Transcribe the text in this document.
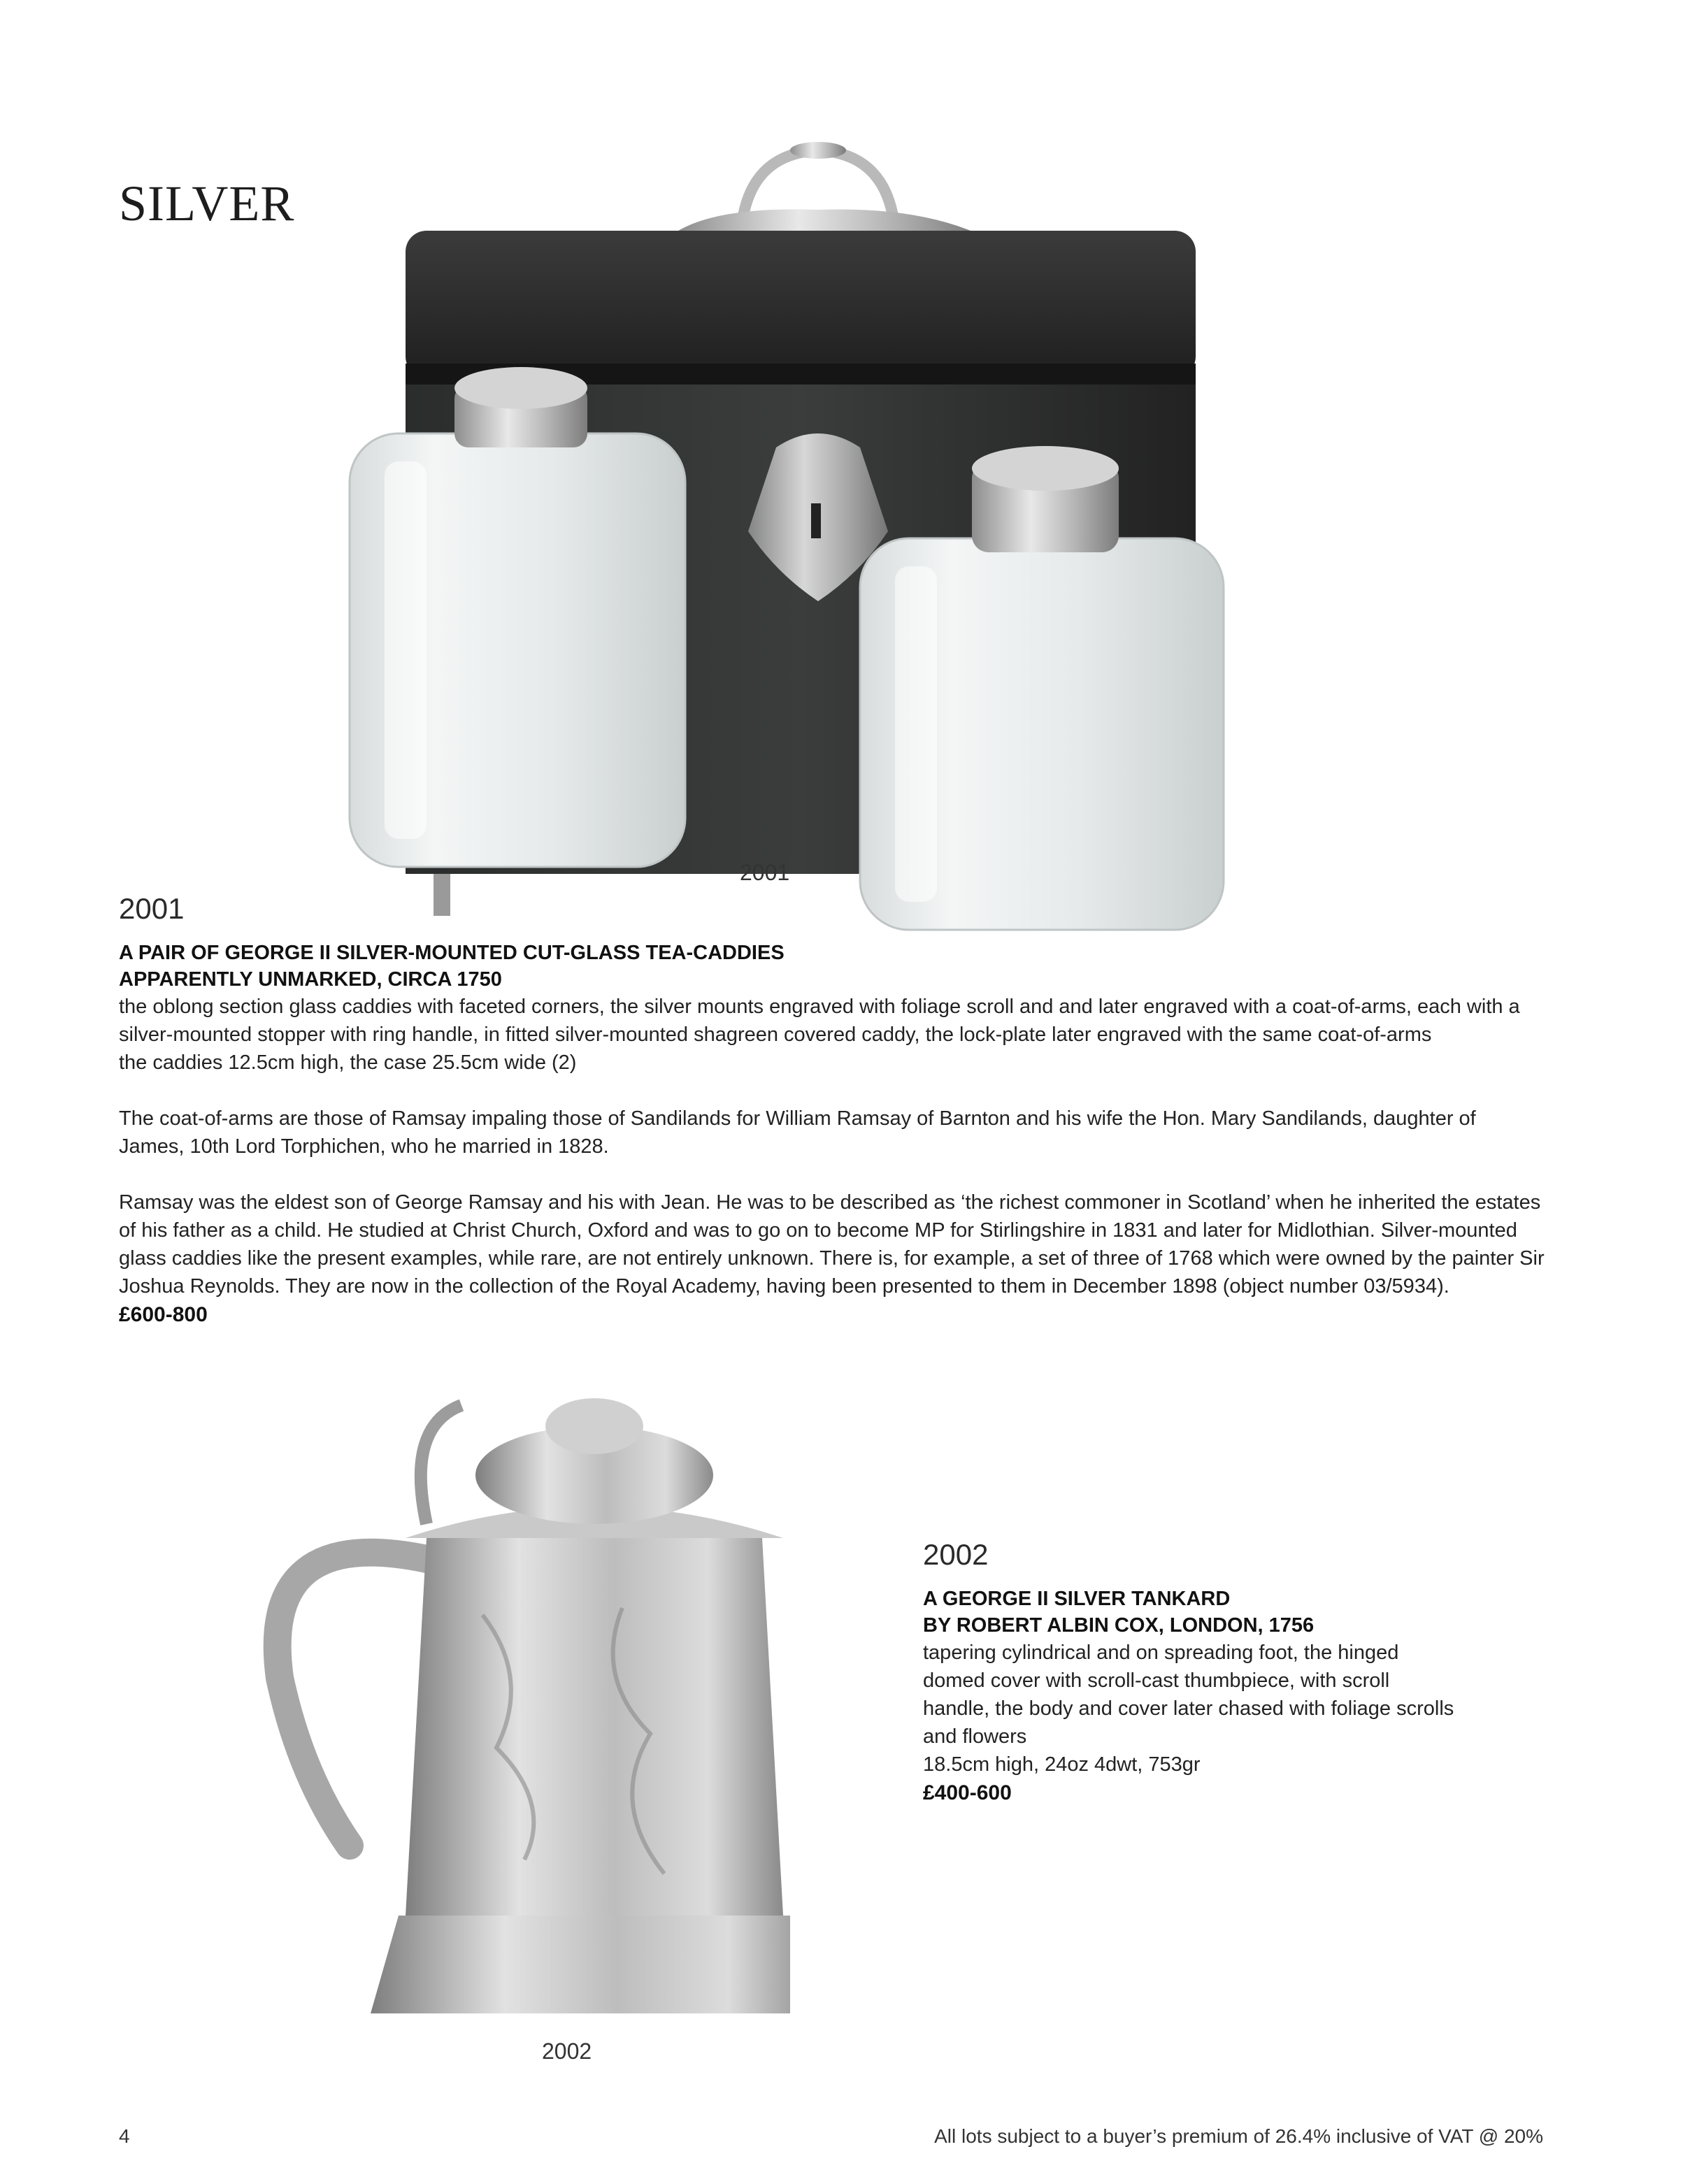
SILVER
2001

2001

A PAIR OF GEORGE II SILVER-MOUNTED CUT-GLASS TEA-CADDIES

APPARENTLY UNMARKED, CIRCA 1750

the oblong section glass caddies with faceted corners, the silver mounts engraved with foliage scroll and and later engraved with a coat-of-arms, each with a silver-mounted stopper with ring handle, in fitted silver-mounted shagreen covered caddy, the lock-plate later engraved with the same coat-of-arms

the caddies 12.5cm high, the case 25.5cm wide (2)

The coat-of-arms are those of Ramsay impaling those of Sandilands for William Ramsay of Barnton and his wife the Hon. Mary Sandilands, daughter of James, 10th Lord Torphichen, who he married in 1828.

Ramsay was the eldest son of George Ramsay and his with Jean. He was to be described as ‘the richest commoner in Scotland’ when he inherited the estates of his father as a child. He studied at Christ Church, Oxford and was to go on to become MP for Stirlingshire in 1831 and later for Midlothian. Silver-mounted glass caddies like the present examples, while rare, are not entirely unknown. There is, for example, a set of three of 1768 which were owned by the painter Sir Joshua Reynolds. They are now in the collection of the Royal Academy, having been presented to them in December 1898 (object number 03/5934).

£600-800

2002

2002

A GEORGE II SILVER TANKARD

BY ROBERT ALBIN COX, LONDON, 1756

tapering cylindrical and on spreading foot, the hinged domed cover with scroll-cast thumbpiece, with scroll handle, the body and cover later chased with foliage scrolls and flowers

18.5cm high, 24oz 4dwt, 753gr

£400-600

4	All lots subject to a buyer’s premium of 26.4% inclusive of VAT @ 20%
